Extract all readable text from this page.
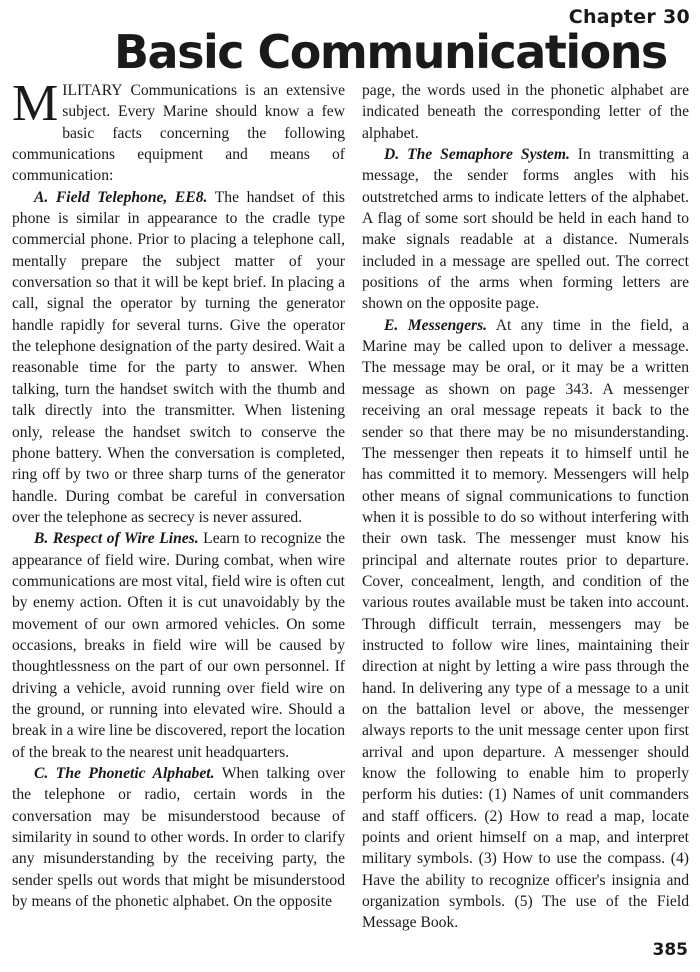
Chapter 30
Basic Communications

MILITARY Communications is an extensive subject. Every Marine should know a few basic facts concerning the following communications equipment and means of communication:

A. Field Telephone, EE8. The handset of this phone is similar in appearance to the cradle type commercial phone. Prior to placing a telephone call, mentally prepare the subject matter of your conversation so that it will be kept brief. In placing a call, signal the operator by turning the generator handle rapidly for several turns. Give the operator the telephone designation of the party desired. Wait a reasonable time for the party to answer. When talking, turn the handset switch with the thumb and talk directly into the transmitter. When listening only, release the handset switch to conserve the phone battery. When the conversation is completed, ring off by two or three sharp turns of the generator handle. During combat be careful in conversation over the telephone as secrecy is never assured.

B. Respect of Wire Lines. Learn to recognize the appearance of field wire. During combat, when wire communications are most vital, field wire is often cut by enemy action. Often it is cut unavoidably by the movement of our own armored vehicles. On some occasions, breaks in field wire will be caused by thoughtlessness on the part of our own personnel. If driving a vehicle, avoid running over field wire on the ground, or running into elevated wire. Should a break in a wire line be discovered, report the location of the break to the nearest unit headquarters.

C. The Phonetic Alphabet. When talking over the telephone or radio, certain words in the conversation may be misunderstood because of similarity in sound to other words. In order to clarify any misunderstanding by the receiving party, the sender spells out words that might be misunderstood by means of the phonetic alphabet. On the opposite

page, the words used in the phonetic alphabet are indicated beneath the corresponding letter of the alphabet.

D. The Semaphore System. In transmitting a message, the sender forms angles with his outstretched arms to indicate letters of the alphabet. A flag of some sort should be held in each hand to make signals readable at a distance. Numerals included in a message are spelled out. The correct positions of the arms when forming letters are shown on the opposite page.

E. Messengers. At any time in the field, a Marine may be called upon to deliver a message. The message may be oral, or it may be a written message as shown on page 343. A messenger receiving an oral message repeats it back to the sender so that there may be no misunderstanding. The messenger then repeats it to himself until he has committed it to memory. Messengers will help other means of signal communications to function when it is possible to do so without interfering with their own task. The messenger must know his principal and alternate routes prior to departure. Cover, concealment, length, and condition of the various routes available must be taken into account. Through difficult terrain, messengers may be instructed to follow wire lines, maintaining their direction at night by letting a wire pass through the hand. In delivering any type of a message to a unit on the battalion level or above, the messenger always reports to the unit message center upon first arrival and upon departure. A messenger should know the following to enable him to properly perform his duties: (1) Names of unit commanders and staff officers. (2) How to read a map, locate points and orient himself on a map, and interpret military symbols. (3) How to use the compass. (4) Have the ability to recognize officer's insignia and organization symbols. (5) The use of the Field Message Book.

385
